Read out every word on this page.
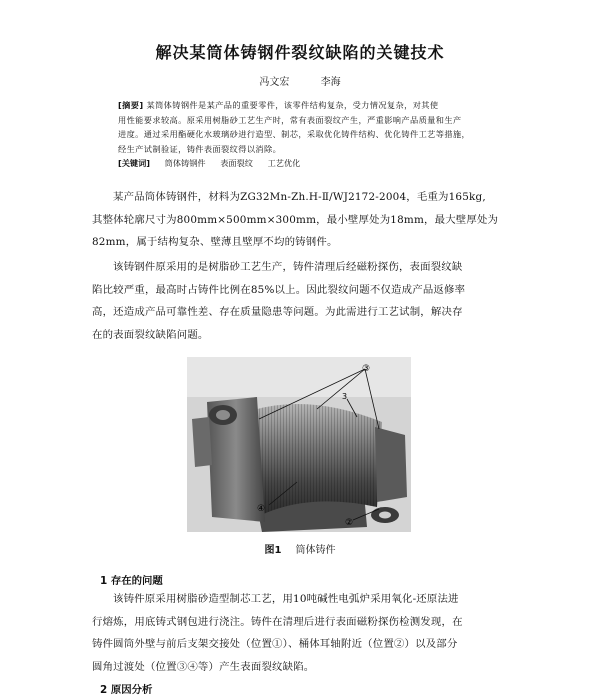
解决某筒体铸钢件裂纹缺陷的关键技术
冯文宏	李海
[摘要] 某筒体铸钢件是某产品的重要零件，该零件结构复杂，受力情况复杂，对其使
用性能要求较高。原采用树脂砂工艺生产时，常有表面裂纹产生，严重影响产品质量和生产
进度。通过采用酯硬化水玻璃砂进行造型、制芯，采取优化铸件结构、优化铸件工艺等措施，
经生产试制验证，铸件表面裂纹得以消除。
[关键词] 筒体铸钢件 表面裂纹 工艺优化
某产品筒体铸钢件，材料为ZG32Mn-Zh.H-Ⅱ/WJ2172-2004，毛重为165kg,
其整体轮廓尺寸为800mm×500mm×300mm，最小壁厚处为18mm，最大壁厚处为
82mm，属于结构复杂、壁薄且壁厚不均的铸钢件。
该铸钢件原采用的是树脂砂工艺生产，铸件清理后经磁粉探伤，表面裂纹缺
陷比较严重，最高时占铸件比例在85%以上。因此裂纹问题不仅造成产品返修率
高，还造成产品可靠性差、存在质量隐患等问题。为此需进行工艺试制，解决存
在的表面裂纹缺陷问题。
③
3
④
②
图1 筒体铸件
1 存在的问题
该铸件原采用树脂砂造型制芯工艺，用10吨碱性电弧炉采用氧化-还原法进
行熔炼，用底铸式钢包进行浇注。铸件在清理后进行表面磁粉探伤检测发现，在
铸件圆筒外壁与前后支架交接处（位置①）、桶体耳轴附近（位置②）以及部分
圆角过渡处（位置③④等）产生表面裂纹缺陷。
2 原因分析
